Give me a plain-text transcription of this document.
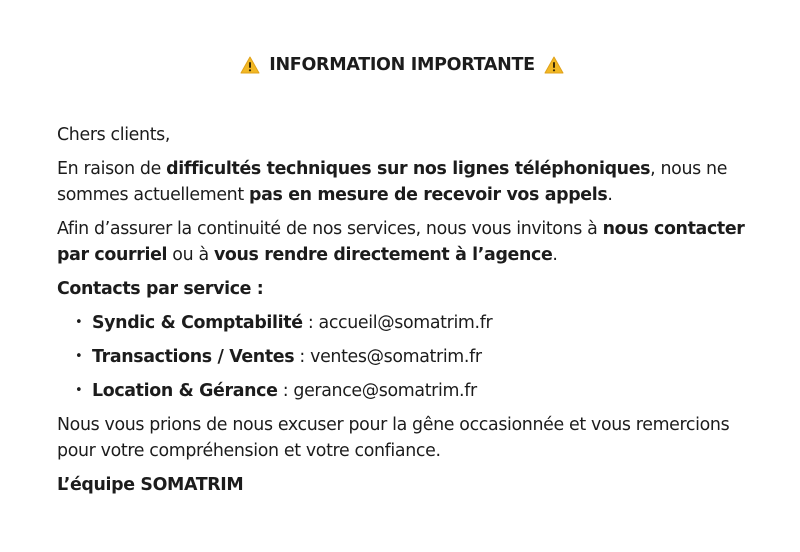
INFORMATION IMPORTANTE

Chers clients,

En raison de difficultés techniques sur nos lignes téléphoniques, nous ne sommes actuellement pas en mesure de recevoir vos appels.

Afin d’assurer la continuité de nos services, nous vous invitons à nous contacter par courriel ou à vous rendre directement à l’agence.

Contacts par service :

• Syndic & Comptabilité : accueil@somatrim.fr
• Transactions / Ventes : ventes@somatrim.fr
• Location & Gérance : gerance@somatrim.fr

Nous vous prions de nous excuser pour la gêne occasionnée et vous remercions pour votre compréhension et votre confiance.

L’équipe SOMATRIM
